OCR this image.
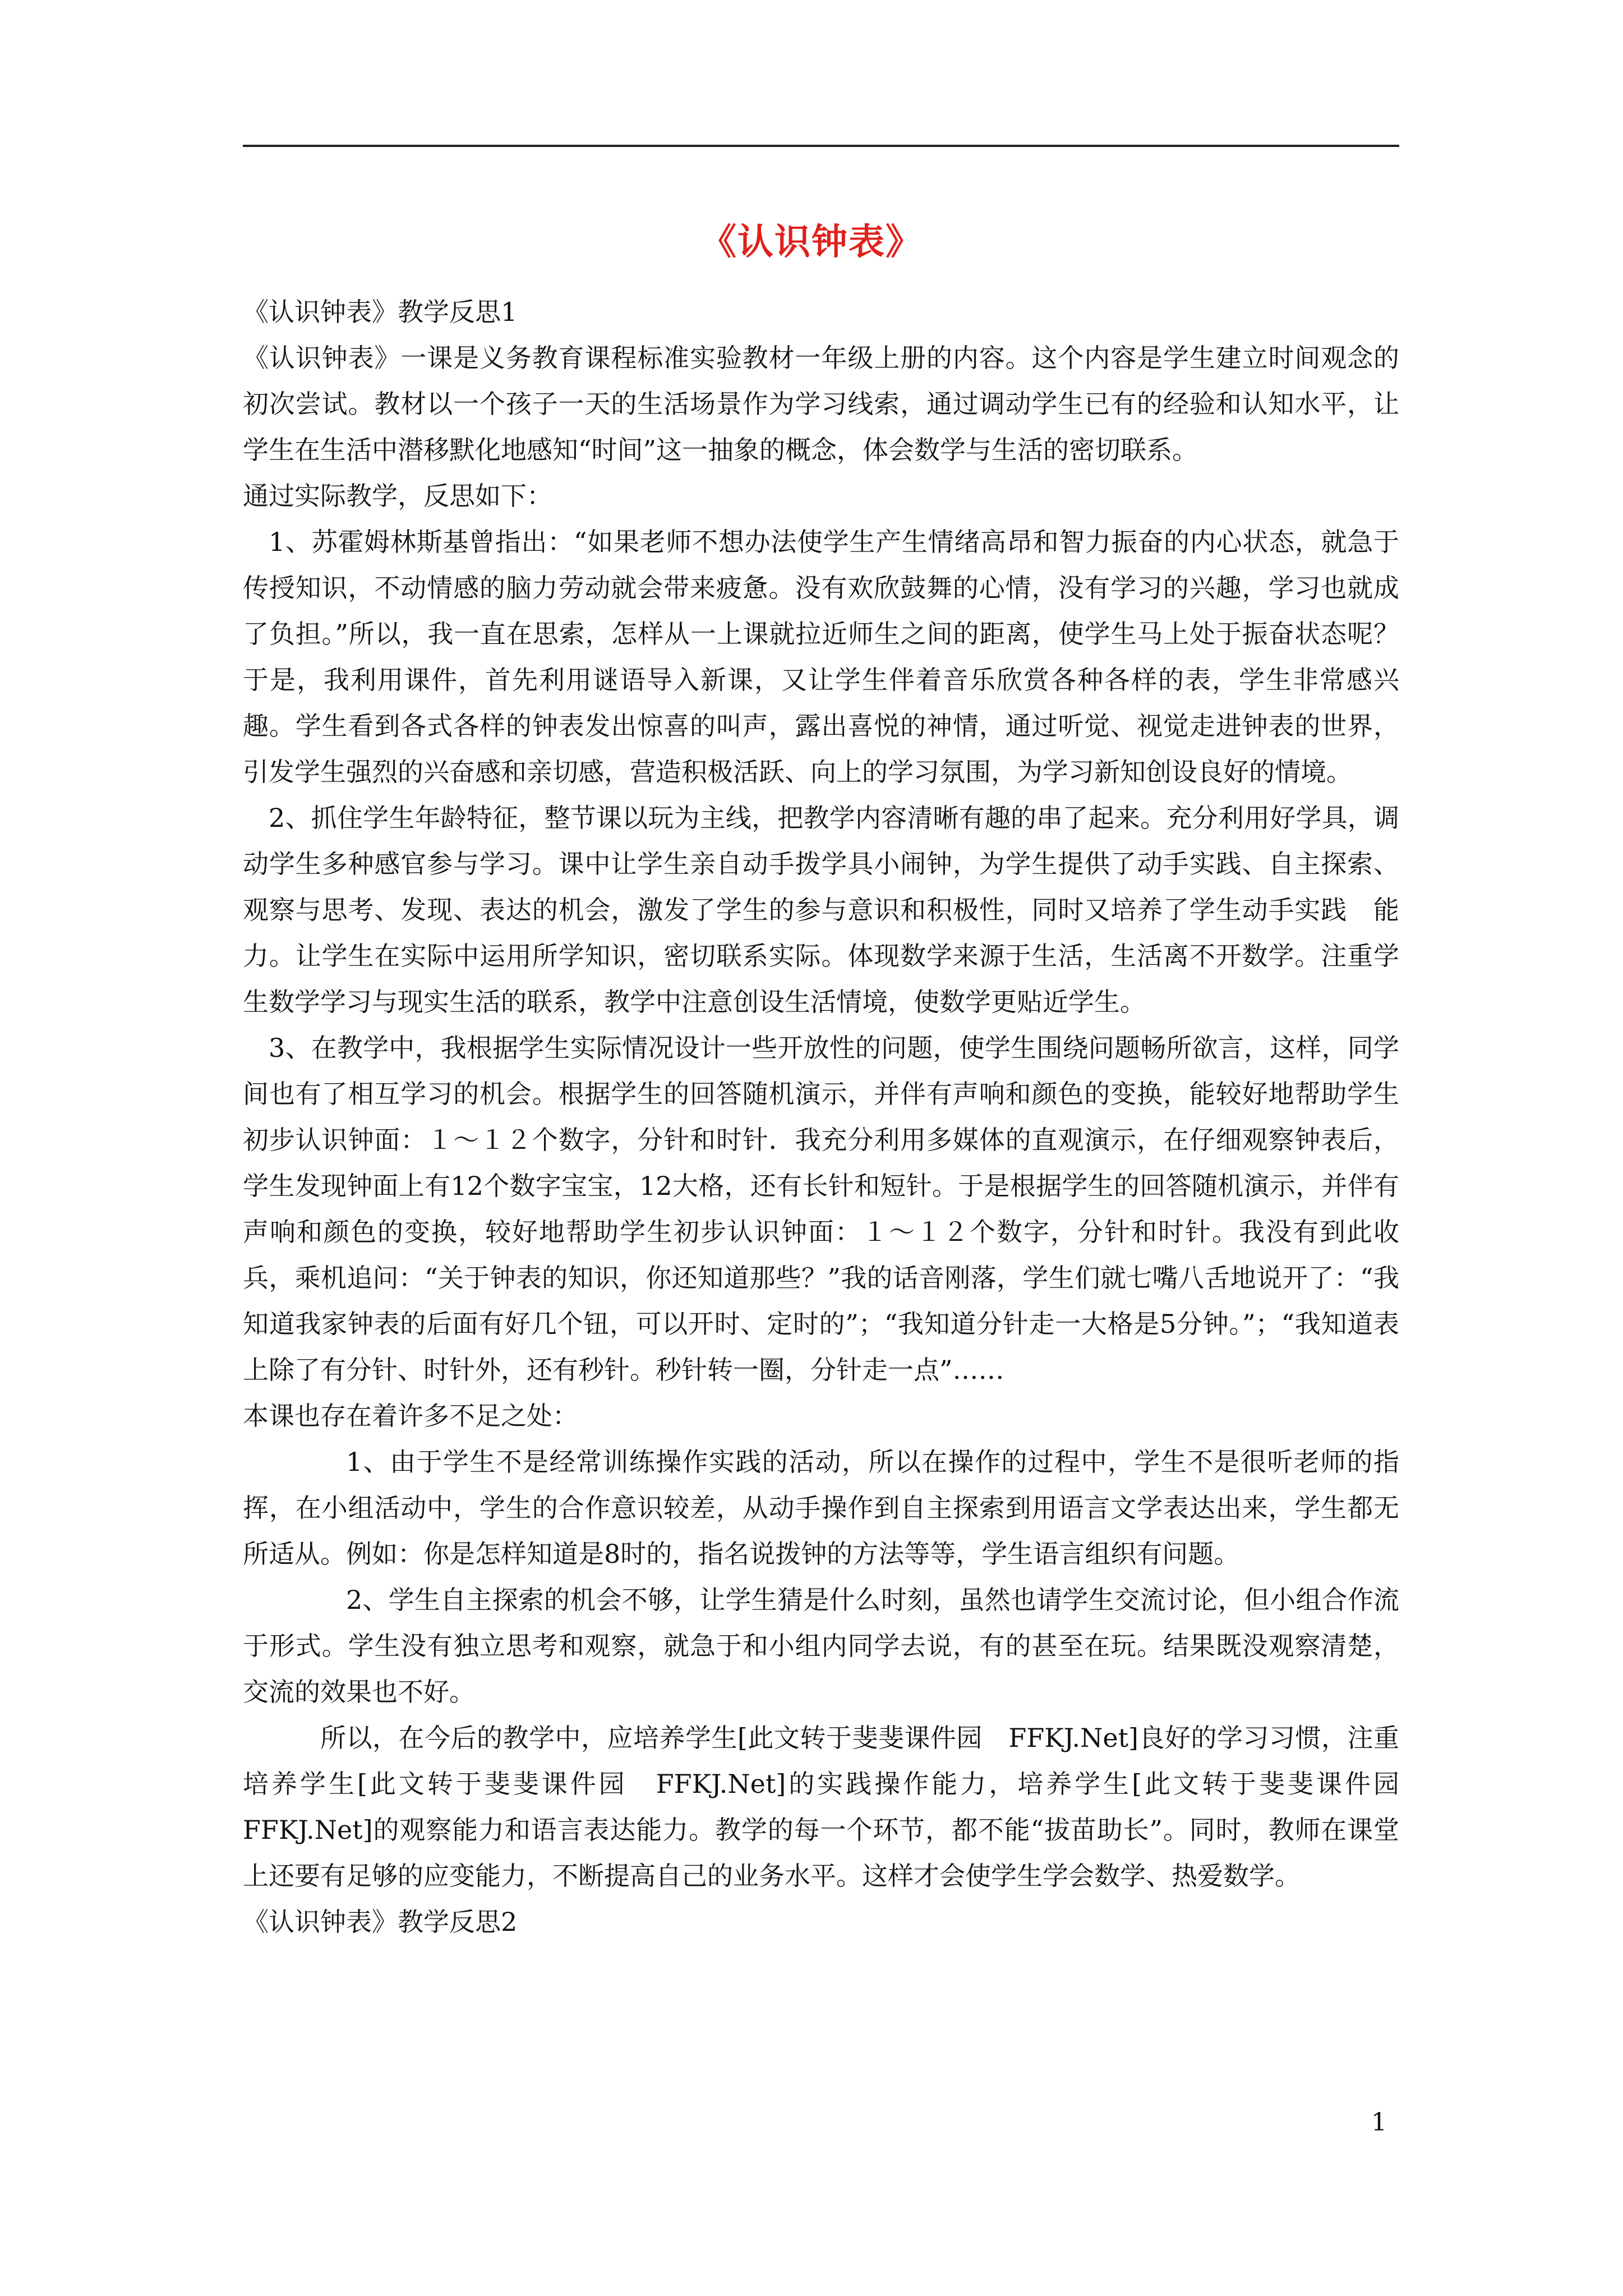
《认识钟表》

《认识钟表》教学反思1

《认识钟表》一课是义务教育课程标准实验教材一年级上册的内容。这个内容是学生建立时间观念的初次尝试。教材以一个孩子一天的生活场景作为学习线索，通过调动学生已有的经验和认知水平，让学生在生活中潜移默化地感知“时间”这一抽象的概念，体会数学与生活的密切联系。

通过实际教学，反思如下：

1、苏霍姆林斯基曾指出：“如果老师不想办法使学生产生情绪高昂和智力振奋的内心状态，就急于传授知识，不动情感的脑力劳动就会带来疲惫。没有欢欣鼓舞的心情，没有学习的兴趣，学习也就成了负担。”所以，我一直在思索，怎样从一上课就拉近师生之间的距离，使学生马上处于振奋状态呢？于是，我利用课件，首先利用谜语导入新课，又让学生伴着音乐欣赏各种各样的表，学生非常感兴趣。学生看到各式各样的钟表发出惊喜的叫声，露出喜悦的神情，通过听觉、视觉走进钟表的世界，引发学生强烈的兴奋感和亲切感，营造积极活跃、向上的学习氛围，为学习新知创设良好的情境。

2、抓住学生年龄特征，整节课以玩为主线，把教学内容清晰有趣的串了起来。充分利用好学具，调动学生多种感官参与学习。课中让学生亲自动手拨学具小闹钟，为学生提供了动手实践、自主探索、观察与思考、发现、表达的机会，激发了学生的参与意识和积极性，同时又培养了学生动手实践　能力。让学生在实际中运用所学知识，密切联系实际。体现数学来源于生活，生活离不开数学。注重学生数学学习与现实生活的联系，教学中注意创设生活情境，使数学更贴近学生。

3、在教学中，我根据学生实际情况设计一些开放性的问题，使学生围绕问题畅所欲言，这样，同学间也有了相互学习的机会。根据学生的回答随机演示，并伴有声响和颜色的变换，能较好地帮助学生初步认识钟面：１～１２个数字，分针和时针．我充分利用多媒体的直观演示，在仔细观察钟表后，学生发现钟面上有12个数字宝宝，12大格，还有长针和短针。于是根据学生的回答随机演示，并伴有声响和颜色的变换，较好地帮助学生初步认识钟面：１～１２个数字，分针和时针。我没有到此收兵，乘机追问：“关于钟表的知识，你还知道那些？”我的话音刚落，学生们就七嘴八舌地说开了：“我知道我家钟表的后面有好几个钮，可以开时、定时的”；“我知道分针走一大格是5分钟。”；“我知道表上除了有分针、时针外，还有秒针。秒针转一圈，分针走一点”……

本课也存在着许多不足之处：

1、由于学生不是经常训练操作实践的活动，所以在操作的过程中，学生不是很听老师的指挥，在小组活动中，学生的合作意识较差，从动手操作到自主探索到用语言文学表达出来，学生都无所适从。例如：你是怎样知道是8时的，指名说拨钟的方法等等，学生语言组织有问题。

2、学生自主探索的机会不够，让学生猜是什么时刻，虽然也请学生交流讨论，但小组合作流于形式。学生没有独立思考和观察，就急于和小组内同学去说，有的甚至在玩。结果既没观察清楚，交流的效果也不好。

所以，在今后的教学中，应培养学生[此文转于斐斐课件园　FFKJ.Net]良好的学习习惯，注重培养学生[此文转于斐斐课件园　FFKJ.Net]的实践操作能力，培养学生[此文转于斐斐课件园　FFKJ.Net]的观察能力和语言表达能力。教学的每一个环节，都不能“拔苗助长”。同时，教师在课堂上还要有足够的应变能力，不断提高自己的业务水平。这样才会使学生学会数学、热爱数学。

《认识钟表》教学反思2

1
